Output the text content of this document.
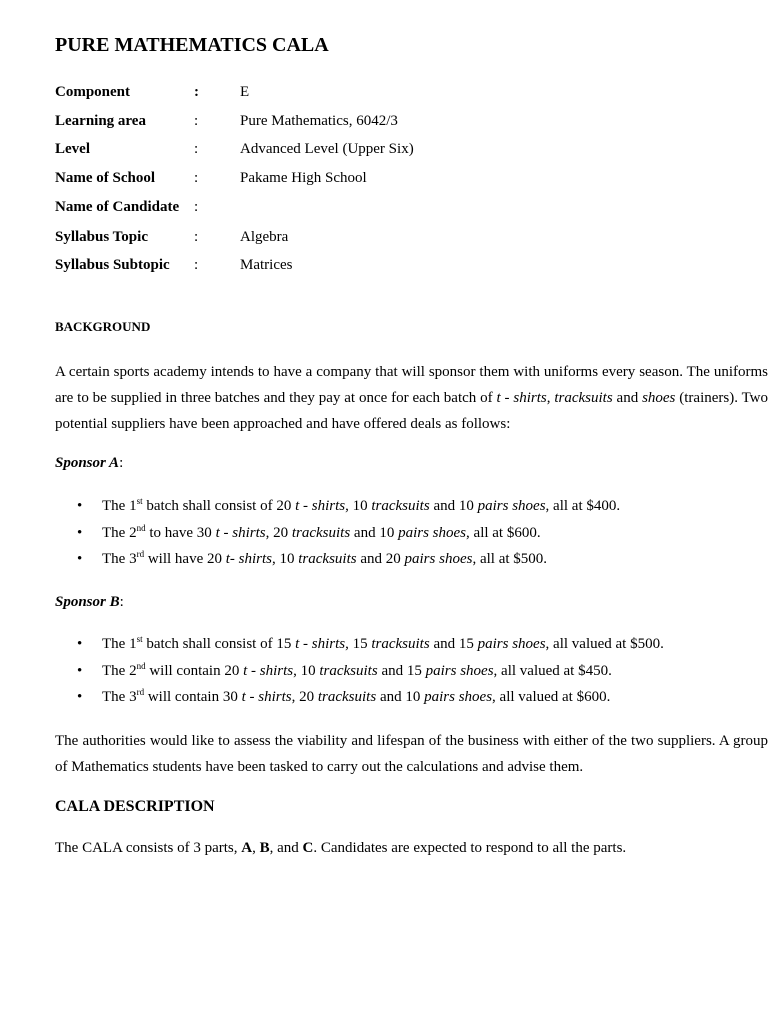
PURE MATHEMATICS CALA
Component	:	E
Learning area	:	Pure Mathematics, 6042/3
Level	:	Advanced Level (Upper Six)
Name of School	:	Pakame High School
Name of Candidate :
Syllabus Topic	:	Algebra
Syllabus Subtopic :	Matrices
BACKGROUND

A certain sports academy intends to have a company that will sponsor them with uniforms every season. The uniforms are to be supplied in three batches and they pay at once for each batch of t - shirts, tracksuits and shoes (trainers). Two potential suppliers have been approached and have offered deals as follows:

Sponsor A:
• The 1st batch shall consist of 20 t - shirts, 10 tracksuits and 10 pairs shoes, all at $400.
• The 2nd to have 30 t - shirts, 20 tracksuits and 10 pairs shoes, all at $600.
• The 3rd will have 20 t- shirts, 10 tracksuits and 20 pairs shoes, all at $500.
Sponsor B:
• The 1st batch shall consist of 15 t - shirts, 15 tracksuits and 15 pairs shoes, all valued at $500.
• The 2nd will contain 20 t - shirts, 10 tracksuits and 15 pairs shoes, all valued at $450.
• The 3rd will contain 30 t - shirts, 20 tracksuits and 10 pairs shoes, all valued at $600.

The authorities would like to assess the viability and lifespan of the business with either of the two suppliers. A group of Mathematics students have been tasked to carry out the calculations and advise them.

CALA DESCRIPTION

The CALA consists of 3 parts, A, B, and C. Candidates are expected to respond to all the parts.
